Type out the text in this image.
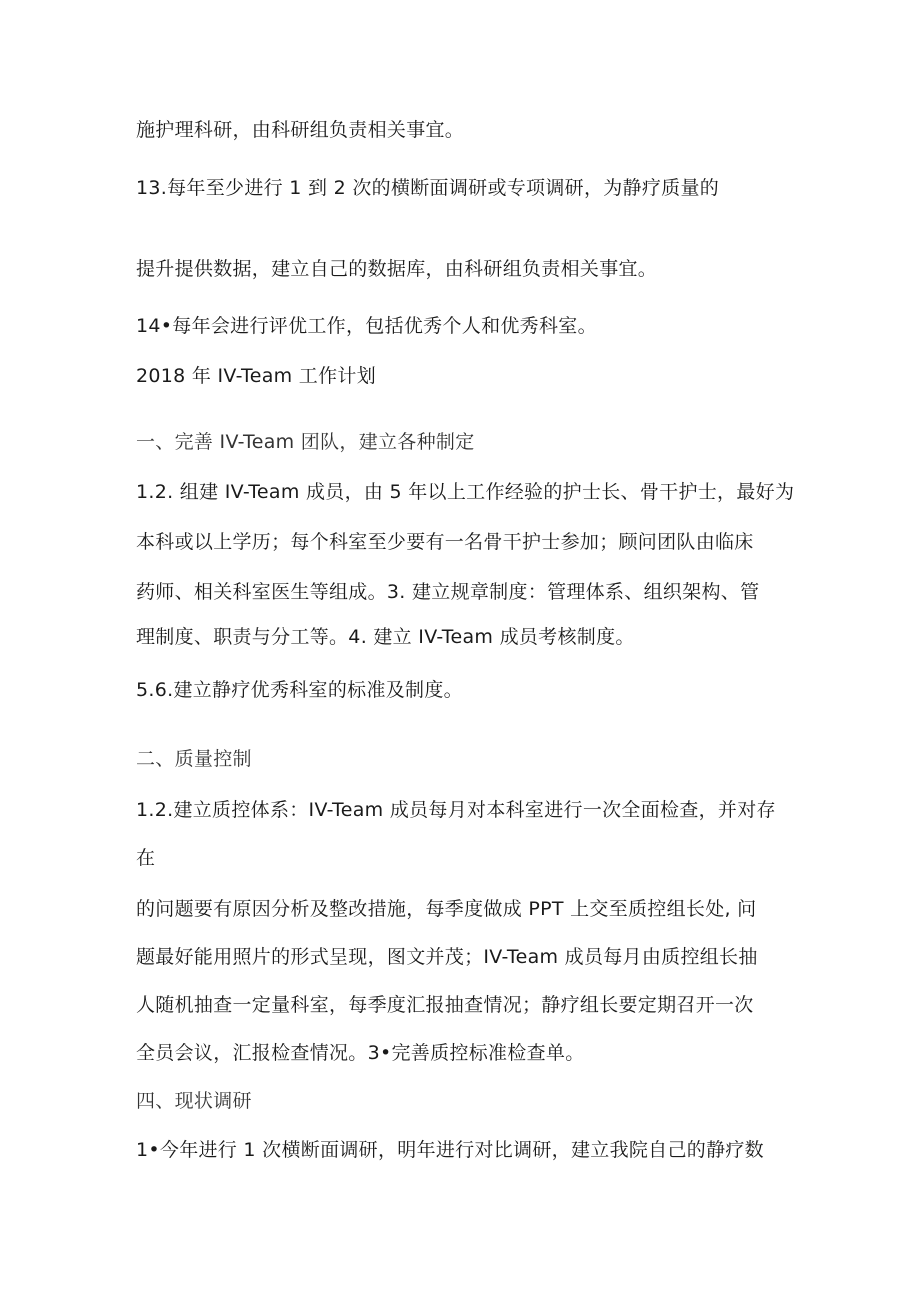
施护理科研，由科研组负责相关事宜。
13.每年至少进行 1 到 2 次的横断面调研或专项调研，为静疗质量的
提升提供数据，建立自己的数据库，由科研组负责相关事宜。
14•每年会进行评优工作，包括优秀个人和优秀科室。
2018 年 IV-Team 工作计划
一、完善 IV-Team 团队，建立各种制定
1.2. 组建 IV-Team 成员，由 5 年以上工作经验的护士长、骨干护士，最好为
本科或以上学历；每个科室至少要有一名骨干护士参加；顾问团队由临床
药师、相关科室医生等组成。3. 建立规章制度：管理体系、组织架构、管
理制度、职责与分工等。4. 建立 IV-Team 成员考核制度。
5.6.建立静疗优秀科室的标准及制度。
二、质量控制
1.2.建立质控体系：IV-Team 成员每月对本科室进行一次全面检查，并对存
在
的问题要有原因分析及整改措施，每季度做成 PPT 上交至质控组长处, 问
题最好能用照片的形式呈现，图文并茂；IV-Team 成员每月由质控组长抽
人随机抽查一定量科室，每季度汇报抽查情况；静疗组长要定期召开一次
全员会议，汇报检查情况。3•完善质控标准检查单。
四、现状调研
1•今年进行 1 次横断面调研，明年进行对比调研，建立我院自己的静疗数
